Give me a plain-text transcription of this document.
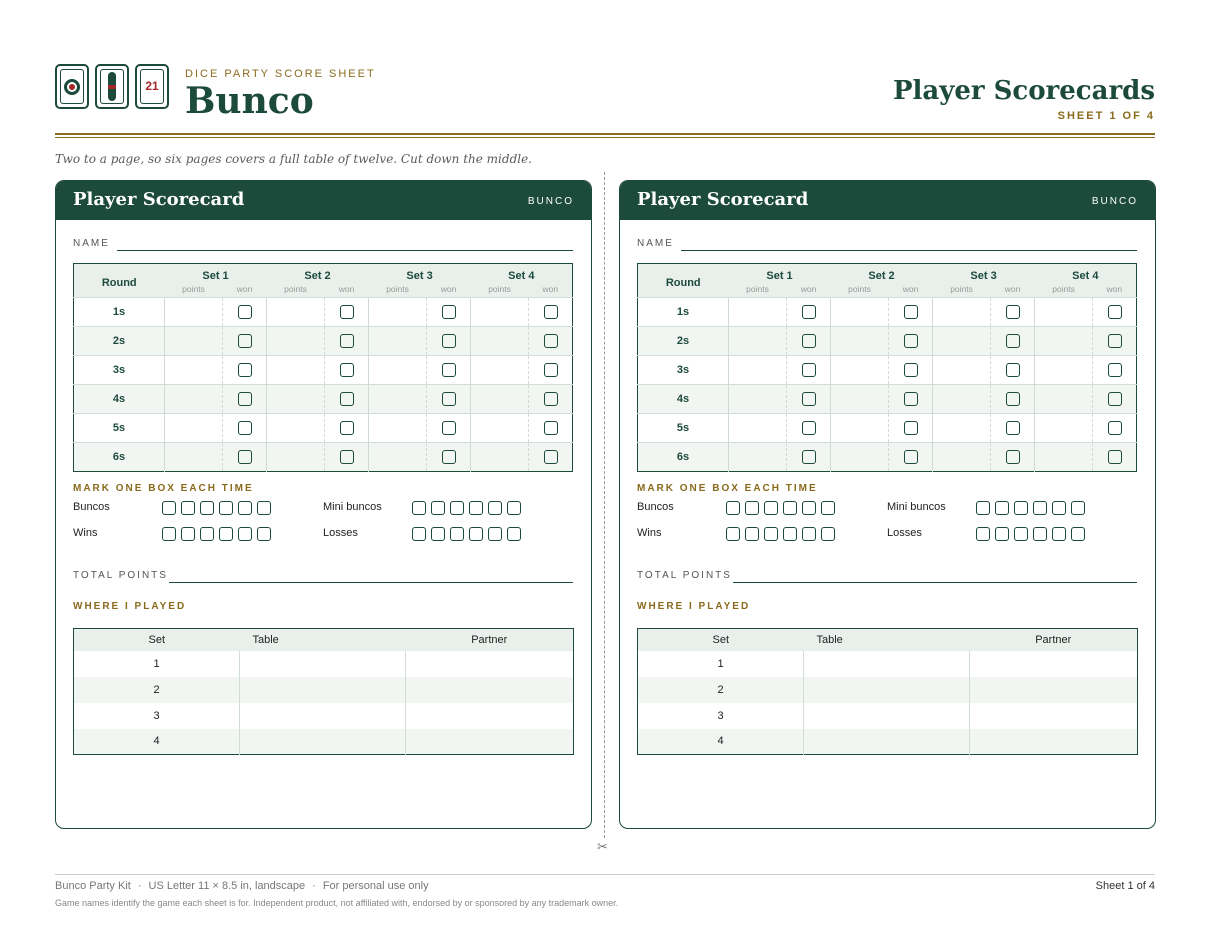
21
DICE PARTY SCORE SHEET
Bunco	Player Scorecards
SHEET 1 OF 4
Two to a page, so six pages covers a full table of twelve. Cut down the middle.
✂
Player Scorecard	BUNCO
NAME
Round	Set 1		Set 2		Set 3		Set 4	
	points	won	points	won	points	won	points	won
1s								
2s								
3s								
4s								
5s								
6s								
MARK ONE BOX EACH TIME
Buncos	Mini buncos
Wins	Losses
TOTAL POINTS
WHERE I PLAYED
Set	Table	Partner
1		
2		
3		
4		
Player Scorecard	BUNCO
NAME
Round	Set 1		Set 2		Set 3		Set 4	
	points	won	points	won	points	won	points	won
1s								
2s								
3s								
4s								
5s								
6s								
MARK ONE BOX EACH TIME
Buncos	Mini buncos
Wins	Losses
TOTAL POINTS
WHERE I PLAYED
Set	Table	Partner
1		
2		
3		
4		
Bunco Party Kit · US Letter 11 × 8.5 in, landscape · For personal use only	Sheet 1 of 4
Game names identify the game each sheet is for. Independent product, not affiliated with, endorsed by or sponsored by any trademark owner.
